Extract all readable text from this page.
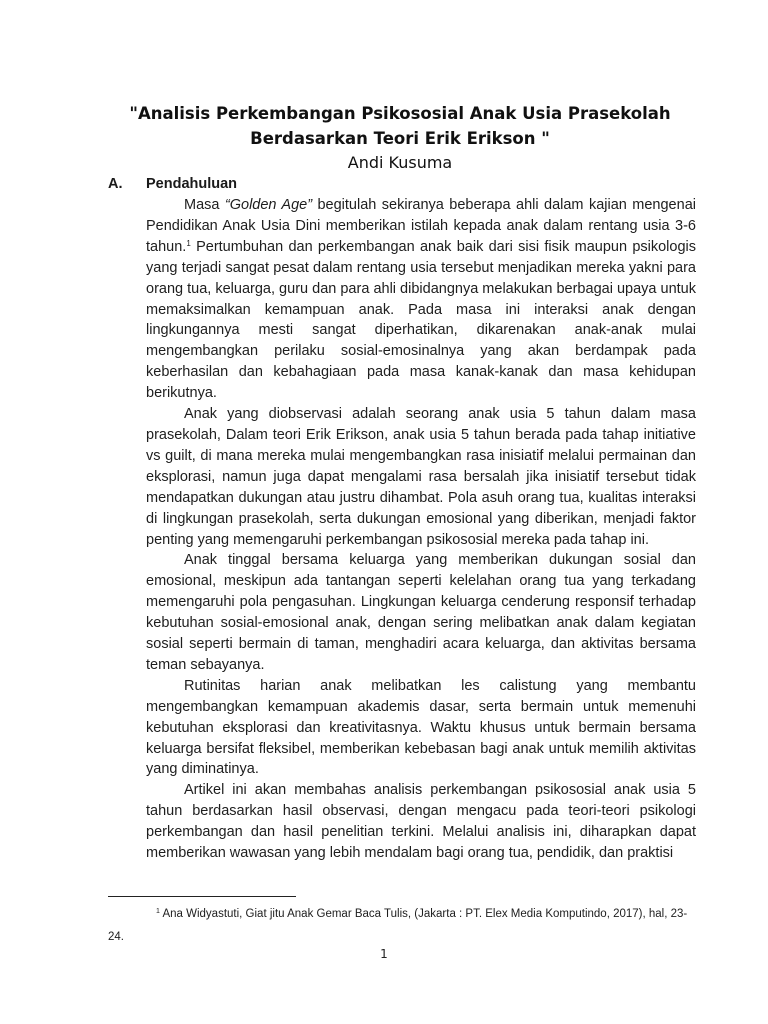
"Analisis Perkembangan Psikososial Anak Usia Prasekolah
Berdasarkan Teori Erik Erikson "
Andi Kusuma
A. Pendahuluan

Masa “Golden Age” begitulah sekiranya beberapa ahli dalam kajian mengenai Pendidikan Anak Usia Dini memberikan istilah kepada anak dalam rentang usia 3-6 tahun.$^1$ Pertumbuhan dan perkembangan anak baik dari sisi fisik maupun psikologis yang terjadi sangat pesat dalam rentang usia tersebut menjadikan mereka yakni para orang tua, keluarga, guru dan para ahli dibidangnya melakukan berbagai upaya untuk memaksimalkan kemampuan anak. Pada masa ini interaksi anak dengan lingkungannya mesti sangat diperhatikan, dikarenakan anak-anak mulai mengembangkan perilaku sosial-emosinalnya yang akan berdampak pada keberhasilan dan kebahagiaan pada masa kanak-kanak dan masa kehidupan berikutnya.

Anak yang diobservasi adalah seorang anak usia 5 tahun dalam masa prasekolah, Dalam teori Erik Erikson, anak usia 5 tahun berada pada tahap initiative vs guilt, di mana mereka mulai mengembangkan rasa inisiatif melalui permainan dan eksplorasi, namun juga dapat mengalami rasa bersalah jika inisiatif tersebut tidak mendapatkan dukungan atau justru dihambat. Pola asuh orang tua, kualitas interaksi di lingkungan prasekolah, serta dukungan emosional yang diberikan, menjadi faktor penting yang memengaruhi perkembangan psikososial mereka pada tahap ini.

Anak tinggal bersama keluarga yang memberikan dukungan sosial dan emosional, meskipun ada tantangan seperti kelelahan orang tua yang terkadang memengaruhi pola pengasuhan. Lingkungan keluarga cenderung responsif terhadap kebutuhan sosial-emosional anak, dengan sering melibatkan anak dalam kegiatan sosial seperti bermain di taman, menghadiri acara keluarga, dan aktivitas bersama teman sebayanya.

Rutinitas harian anak melibatkan les calistung yang membantu mengembangkan kemampuan akademis dasar, serta bermain untuk memenuhi kebutuhan eksplorasi dan kreativitasnya. Waktu khusus untuk bermain bersama keluarga bersifat fleksibel, memberikan kebebasan bagi anak untuk memilih aktivitas yang diminatinya.

Artikel ini akan membahas analisis perkembangan psikososial anak usia 5 tahun berdasarkan hasil observasi, dengan mengacu pada teori-teori psikologi perkembangan dan hasil penelitian terkini. Melalui analisis ini, diharapkan dapat memberikan wawasan yang lebih mendalam bagi orang tua, pendidik, dan praktisi

$^1$ Ana Widyastuti, Giat jitu Anak Gemar Baca Tulis, (Jakarta : PT. Elex Media Komputindo, 2017), hal, 23-24.
1
